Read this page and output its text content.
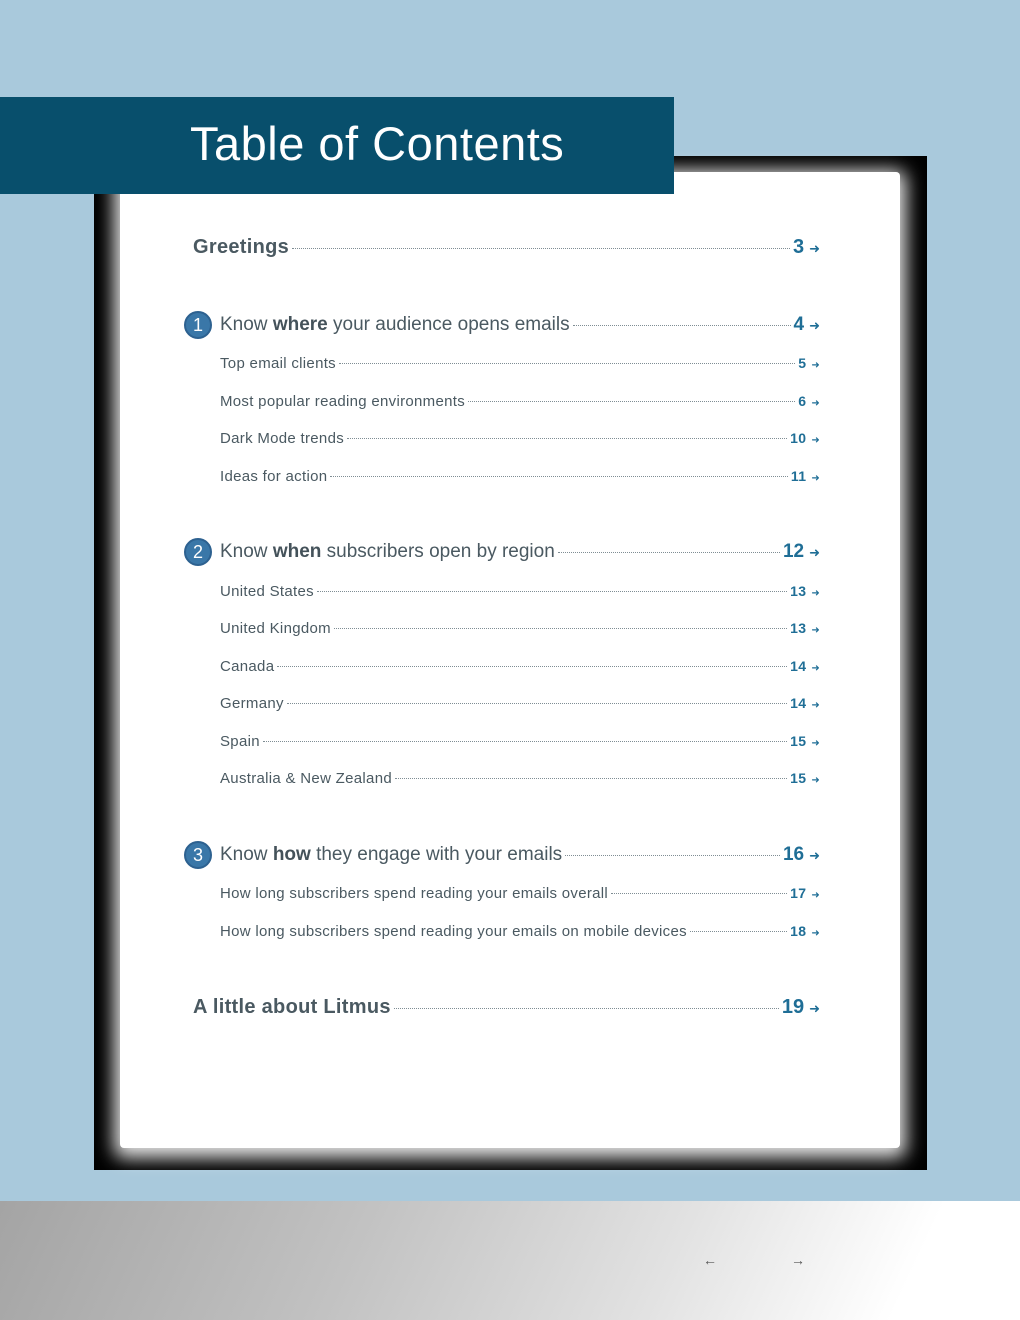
Table of Contents
Greetings	3 ➜
1 Know where your audience opens emails	4 ➜
Top email clients	5 ➜
Most popular reading environments	6 ➜
Dark Mode trends	10 ➜
Ideas for action	11 ➜
2 Know when subscribers open by region	12 ➜
United States	13 ➜
United Kingdom	13 ➜
Canada	14 ➜
Germany	14 ➜
Spain	15 ➜
Australia & New Zealand	15 ➜
3 Know how they engage with your emails	16 ➜
How long subscribers spend reading your emails overall	17 ➜
How long subscribers spend reading your emails on mobile devices	18 ➜
A little about Litmus	19 ➜
←	→
